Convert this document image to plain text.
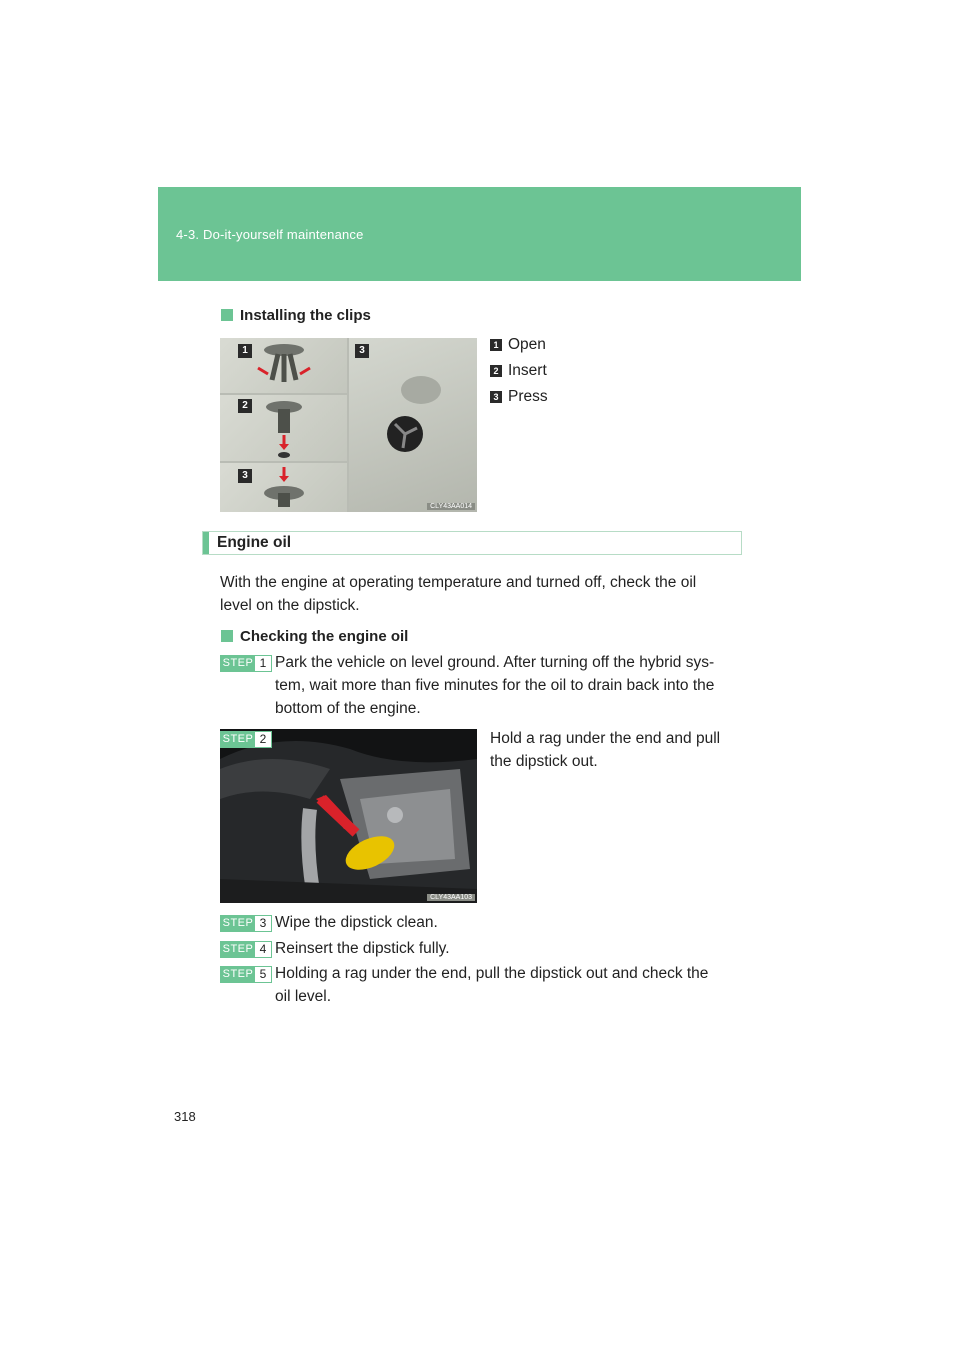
4-3. Do-it-yourself maintenance
Installing the clips
1
2
3
3
CLY43AA014
1 Open
2 Insert
3 Press
Engine oil
With the engine at operating temperature and turned off, check the oil
level on the dipstick.
Checking the engine oil
STEP 1 Park the vehicle on level ground. After turning off the hybrid sys-
tem, wait more than five minutes for the oil to drain back into the
bottom of the engine.
STEP 2
CLY43AA103
Hold a rag under the end and pull
the dipstick out.
STEP 3 Wipe the dipstick clean.
STEP 4 Reinsert the dipstick fully.
STEP 5 Holding a rag under the end, pull the dipstick out and check the
oil level.
318
